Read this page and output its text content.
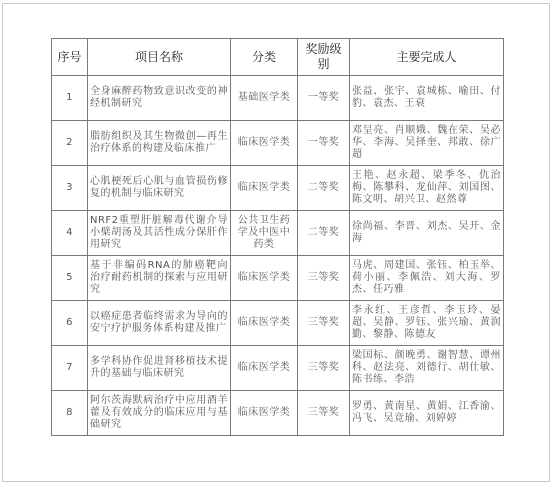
序号	项目名称	分类	奖励级别	主要完成人
1	全身麻醉药物致意识改变的神经机制研究	基础医学类	一等奖	张益、张宇、袁城栋、喻田、付豹、袁杰、王衰
2	脂肪组织及其生物微创—再生治疗体系的构建及临床推广	临床医学类	一等奖	邓呈亮、肖顺娥、魏在荣、吴必华、李海、吴择奎、邦敢、徐广超
3	心肌梗死后心肌与血管损伤修复的机制与临床研究	临床医学类	二等奖	王艳、赵永超、梁季冬、仇治梅、陈攀科、龙仙萍、刘国图、陈文明、胡兴卫、赵然尊
4	NRF2重塑肝脏解毒代谢介导小檗胡汤及其活性成分保肝作用研究	公共卫生药学及中医中药类	二等奖	徐尚福、李晋、刘杰、吴开、金海
5	基于非编码RNA的肺癌靶向治疗耐药机制的探索与应用研究	临床医学类	三等奖	马虎、周建国、张钰、柏玉举、荷小丽、李佩浩、刘大海、罗杰、任巧雅
6	以癌症患者临终需求为导向的安宁疗护服务体系构建及推广	临床医学类	三等奖	李永红、王彦哲、李玉玲、晏超、吴静、罗钰、张兴瑜、黄润勤、黎静、陈德友
7	多学科协作促进肾移植技术提升的基础与临床研究	临床医学类	三等奖	梁国标、颜晚勇、谢智慧、谭州科、赵法亮、刘德行、胡仕敏、陈书练、李浩
8	阿尔茨海默病治疗中应用酒羊藿及有效成分的临床应用与基础研究	临床医学类	三等奖	罗勇、黄南星、黄娟、江香渝、冯飞、吴竞瑜、刘婷婷
